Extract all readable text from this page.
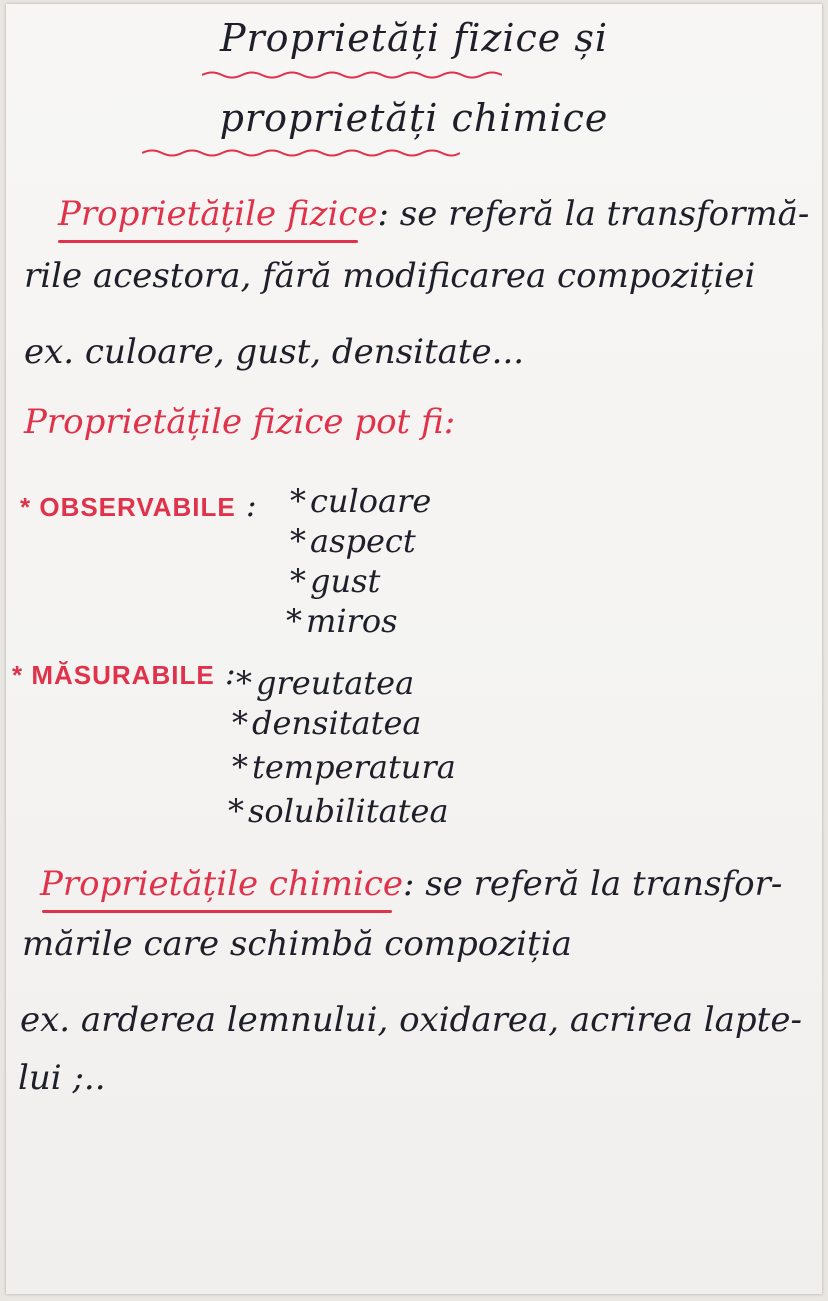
Proprietăți fizice și
proprietăți chimice
Proprietățile fizice: se referă la transformă-
rile acestora, fără modificarea compoziției
ex. culoare, gust, densitate...
Proprietățile fizice pot fi:
* OBSERVABILE : * culoare
* aspect
* gust
* miros
* MĂSURABILE : * greutatea
* densitatea
* temperatura
* solubilitatea
Proprietățile chimice: se referă la transfor-
mările care schimbă compoziția
ex. arderea lemnului, oxidarea, acrirea lapte-
lui ;..
